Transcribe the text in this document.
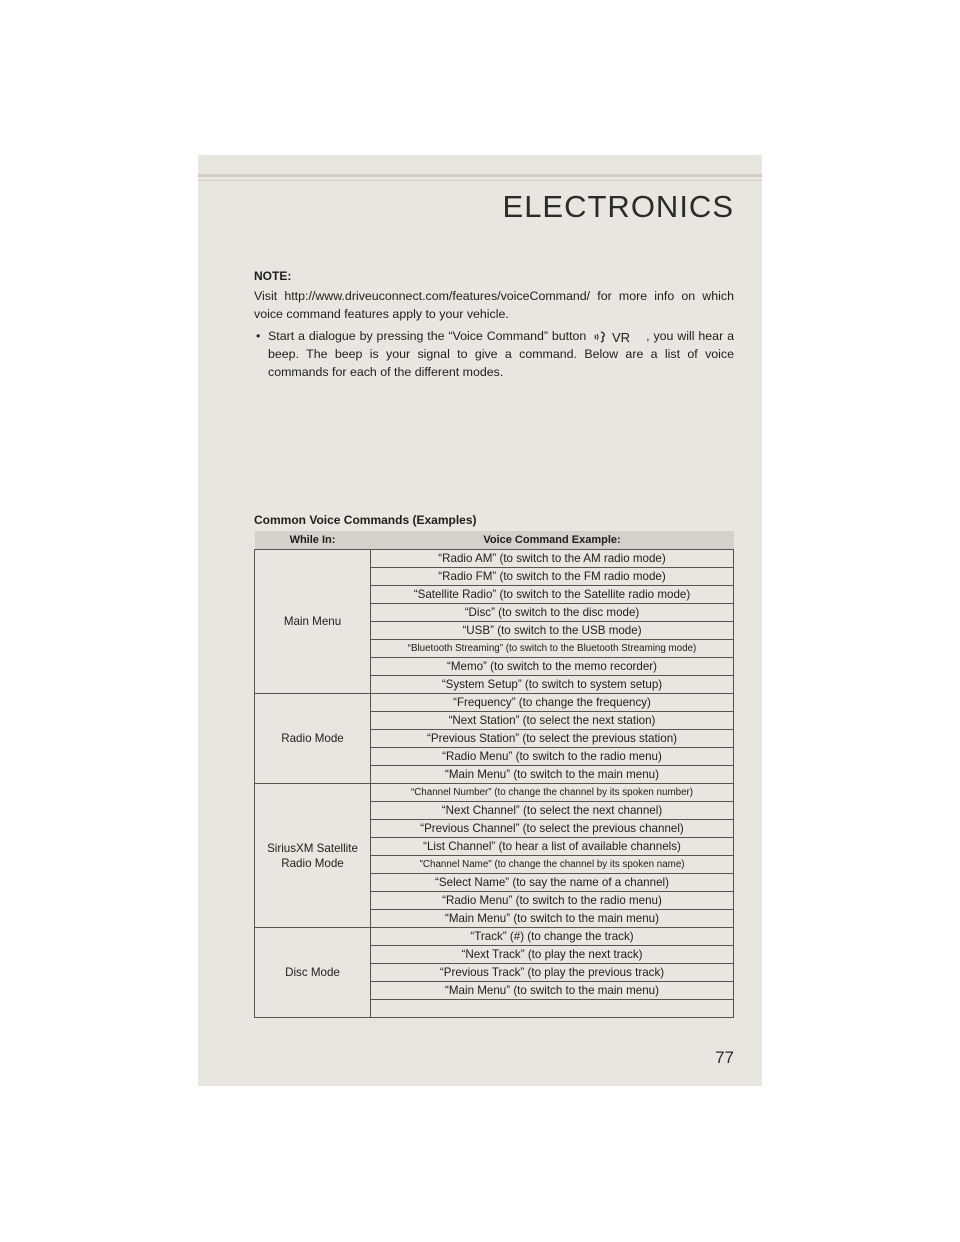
ELECTRONICS
NOTE:
Visit http://www.driveuconnect.com/features/voiceCommand/ for more info on which voice command features apply to your vehicle.
• Start a dialogue by pressing the “Voice Command” button VR , you will hear a beep. The beep is your signal to give a command. Below are a list of voice commands for each of the different modes.
Common Voice Commands (Examples)
While In:	Voice Command Example:
Main Menu	“Radio AM” (to switch to the AM radio mode)
	“Radio FM” (to switch to the FM radio mode)
	“Satellite Radio” (to switch to the Satellite radio mode)
	“Disc” (to switch to the disc mode)
	“USB” (to switch to the USB mode)
	“Bluetooth Streaming” (to switch to the Bluetooth Streaming mode)
	“Memo” (to switch to the memo recorder)
	“System Setup” (to switch to system setup)
Radio Mode	“Frequency” (to change the frequency)
	“Next Station” (to select the next station)
	“Previous Station” (to select the previous station)
	“Radio Menu” (to switch to the radio menu)
	“Main Menu” (to switch to the main menu)
SiriusXM Satellite Radio Mode	“Channel Number” (to change the channel by its spoken number)
	“Next Channel” (to select the next channel)
	“Previous Channel” (to select the previous channel)
	“List Channel” (to hear a list of available channels)
	"Channel Name" (to change the channel by its spoken name)
	“Select Name” (to say the name of a channel)
	“Radio Menu” (to switch to the radio menu)
	“Main Menu” (to switch to the main menu)
Disc Mode	“Track” (#) (to change the track)
	“Next Track” (to play the next track)
	“Previous Track” (to play the previous track)
	“Main Menu” (to switch to the main menu)

77
